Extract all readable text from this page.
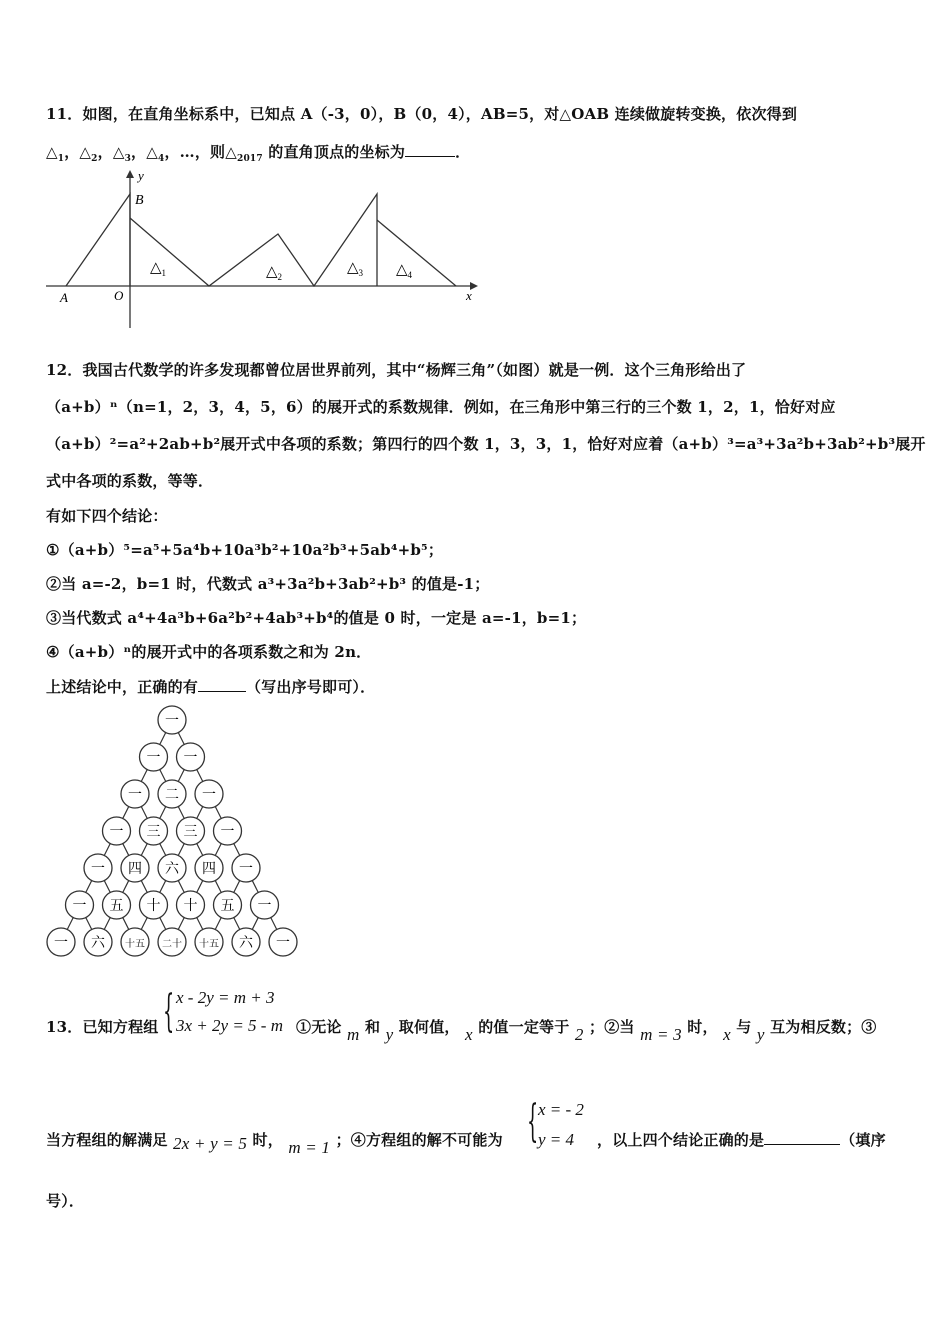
11．如图，在直角坐标系中，已知点 A（-3，0），B（0，4），AB=5，对△OAB 连续做旋转变换，依次得到
$\triangle_1$，$\triangle_2$，$\triangle_3$，$\triangle_4$，…，则$\triangle_{2017}$ 的直角顶点的坐标为	．
y
B
A	O	x
$\triangle_1$	$\triangle_2$
$\triangle_3$ $\triangle_4$
12．我国古代数学的许多发现都曾位居世界前列，其中“杨辉三角”（如图）就是一例．这个三角形给出了
（a+b）ⁿ（n=1，2，3，4，5，6）的展开式的系数规律．例如，在三角形中第三行的三个数 1，2，1，恰好对应
（a+b）²=a²+2ab+b²展开式中各项的系数；第四行的四个数 1，3，3，1，恰好对应着（a+b）³=a³+3a²b+3ab²+b³展开
式中各项的系数，等等．
有如下四个结论：
①（a+b）⁵=a⁵+5a⁴b+10a³b²+10a²b³+5ab⁴+b⁵；
②当 a=-2，b=1 时，代数式 a³+3a²b+3ab²+b³ 的值是-1；
③当代数式 a⁴+4a³b+6a²b²+4ab³+b⁴的值是 0 时，一定是 a=-1，b=1；
④（a+b）ⁿ的展开式中的各项系数之和为 2n．
上述结论中，正确的有	（写出序号即可）．
一
一 一
一 二 一
一 三 三 一
一 四 六 四 一
一 五 十 十 五 一
一 六 十五 二十 十五 六 一
13．已知方程组 { x - 2y = m + 3
3x + 2y = 5 - m ①无论 m 和 y 取何值， x 的值一定等于 2 ；②当 m = 3 时， x 与 y 互为相反数；③
当方程组的解满足 2x + y = 5 时， m = 1 ；④方程组的解不可能为 { x = - 2
y = 4 ，以上四个结论正确的是	（填序
号）．
